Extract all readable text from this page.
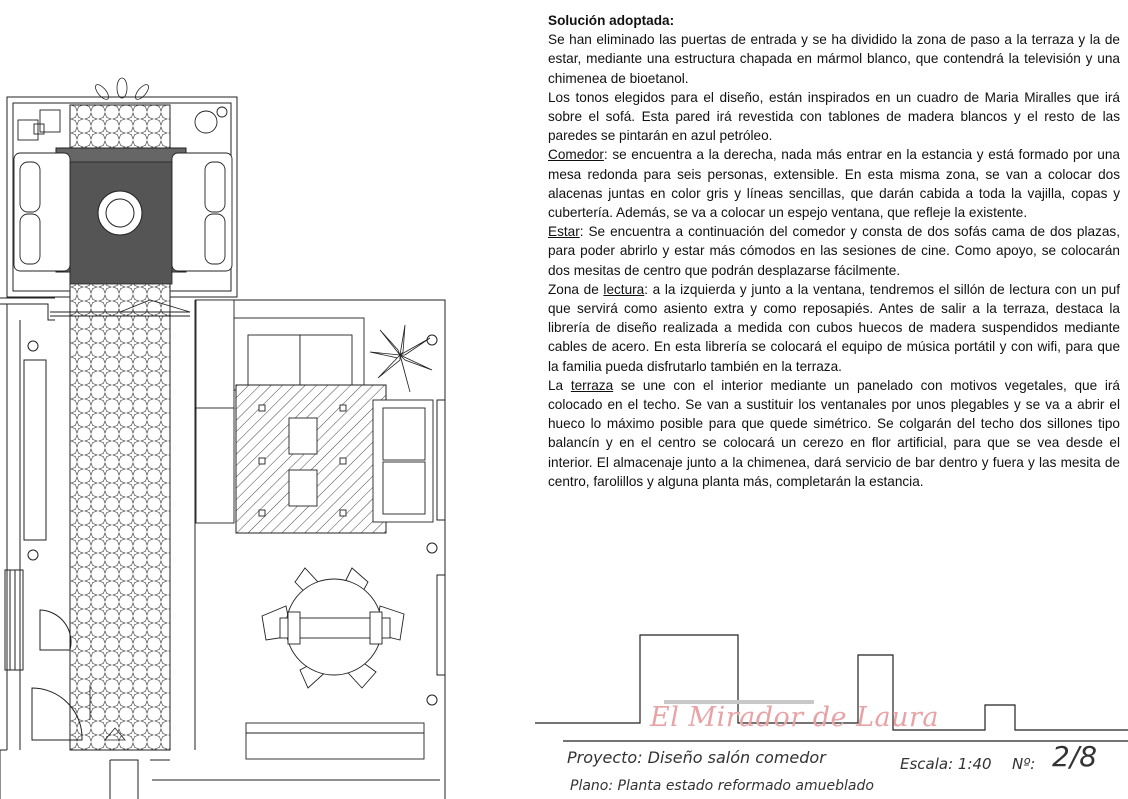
Solución adoptada:

Se han eliminado las puertas de entrada y se ha dividido la zona de paso a la terraza y la de estar, mediante una estructura chapada en mármol blanco, que contendrá la televisión y una chimenea de bioetanol.

Los tonos elegidos para el diseño, están inspirados en un cuadro de Maria Miralles que irá sobre el sofá. Esta pared irá revestida con tablones de madera blancos y el resto de las paredes se pintarán en azul petróleo.

Comedor: se encuentra a la derecha, nada más entrar en la estancia y está formado por una mesa redonda para seis personas, extensible. En esta misma zona, se van a colocar dos alacenas juntas en color gris y líneas sencillas, que darán cabida a toda la vajilla, copas y cubertería. Además, se va a colocar un espejo ventana, que refleje la existente.

Estar: Se encuentra a continuación del comedor y consta de dos sofás cama de dos plazas, para poder abrirlo y estar más cómodos en las sesiones de cine. Como apoyo, se colocarán dos mesitas de centro que podrán desplazarse fácilmente.

Zona de lectura: a la izquierda y junto a la ventana, tendremos el sillón de lectura con un puf que servirá como asiento extra y como reposapiés. Antes de salir a la terraza, destaca la librería de diseño realizada a medida con cubos huecos de madera suspendidos mediante cables de acero. En esta librería se colocará el equipo de música portátil y con wifi, para que la familia pueda disfrutarlo también en la terraza.

La terraza se une con el interior mediante un panelado con motivos vegetales, que irá colocado en el techo. Se van a sustituir los ventanales por unos plegables y se va a abrir el hueco lo máximo posible para que quede simétrico. Se colgarán del techo dos sillones tipo balancín y en el centro se colocará un cerezo en flor artificial, para que se vea desde el interior. El almacenaje junto a la chimenea, dará servicio de bar dentro y fuera y las mesita de centro, farolillos y alguna planta más, completarán la estancia.

El Mirador de Laura
Proyecto: Diseño salón comedor
Plano: Planta estado reformado amueblado
Escala: 1:40 Nº: 2/8
